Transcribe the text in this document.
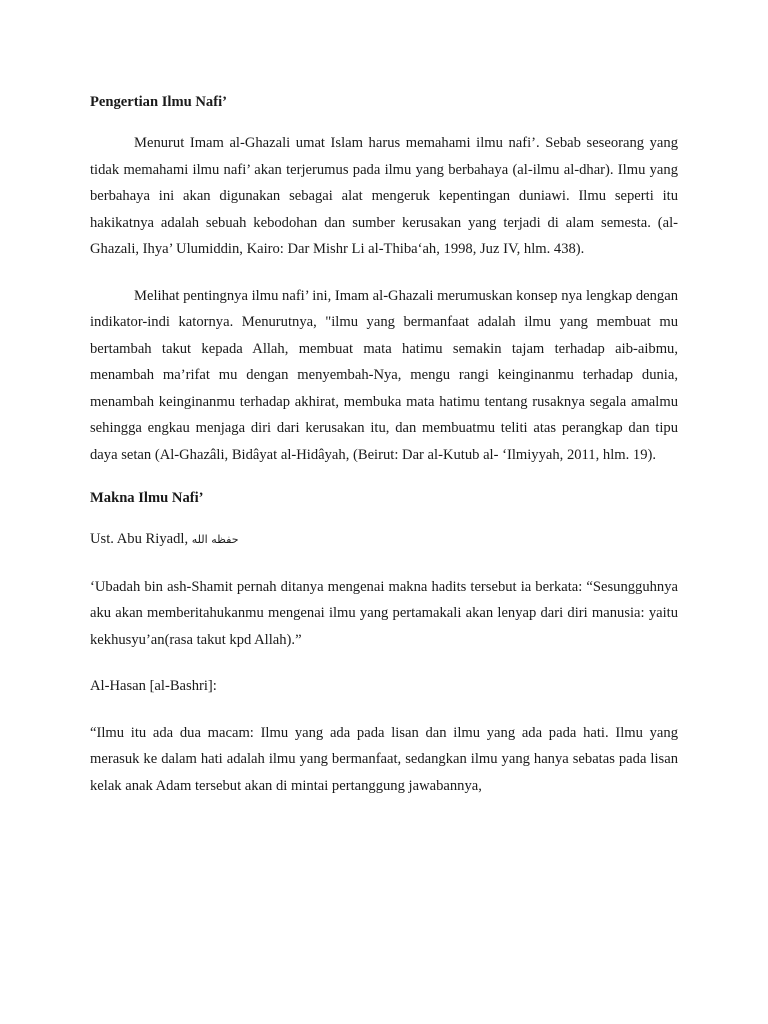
Pengertian Ilmu Nafi’

Menurut Imam al-Ghazali umat Islam harus memahami ilmu nafi’. Sebab seseorang yang tidak memahami ilmu nafi’ akan terjerumus pada ilmu yang berbahaya (al-ilmu al-dhar). Ilmu yang berbahaya ini akan digunakan sebagai alat mengeruk kepentingan duniawi. Ilmu seperti itu hakikatnya adalah sebuah kebodohan dan sumber kerusakan yang terjadi di alam semesta. (al-Ghazali, Ihya’ Ulumiddin, Kairo: Dar Mishr Li al-Thiba‘ah, 1998, Juz IV, hlm. 438).

Melihat pentingnya ilmu nafi’ ini, Imam al-Ghazali merumuskan konsep nya lengkap dengan indikator-indi katornya. Menurutnya, "ilmu yang bermanfaat adalah ilmu yang membuat mu bertambah takut kepada Allah, membuat mata hatimu semakin tajam terhadap aib-aibmu, menambah ma’rifat mu dengan menyembah-Nya, mengu rangi keinginanmu terhadap dunia, menambah keinginanmu terhadap akhirat, membuka mata hatimu tentang rusaknya segala amalmu sehingga engkau menjaga diri dari kerusakan itu, dan membuatmu teliti atas perangkap dan tipu daya setan (Al-Ghazâli, Bidâyat al-Hidâyah, (Beirut: Dar al-Kutub al- ‘Ilmiyyah, 2011, hlm. 19).

Makna Ilmu Nafi’

Ust. Abu Riyadl, حفظه الله

‘Ubadah bin ash-Shamit pernah ditanya mengenai makna hadits tersebut ia berkata: “Sesungguhnya aku akan memberitahukanmu mengenai ilmu yang pertamakali akan lenyap dari diri manusia: yaitu kekhusyu’an(rasa takut kpd Allah).”

Al-Hasan [al-Bashri]:

“Ilmu itu ada dua macam: Ilmu yang ada pada lisan dan ilmu yang ada pada hati. Ilmu yang merasuk ke dalam hati adalah ilmu yang bermanfaat, sedangkan ilmu yang hanya sebatas pada lisan kelak anak Adam tersebut akan di mintai pertanggung jawabannya,
